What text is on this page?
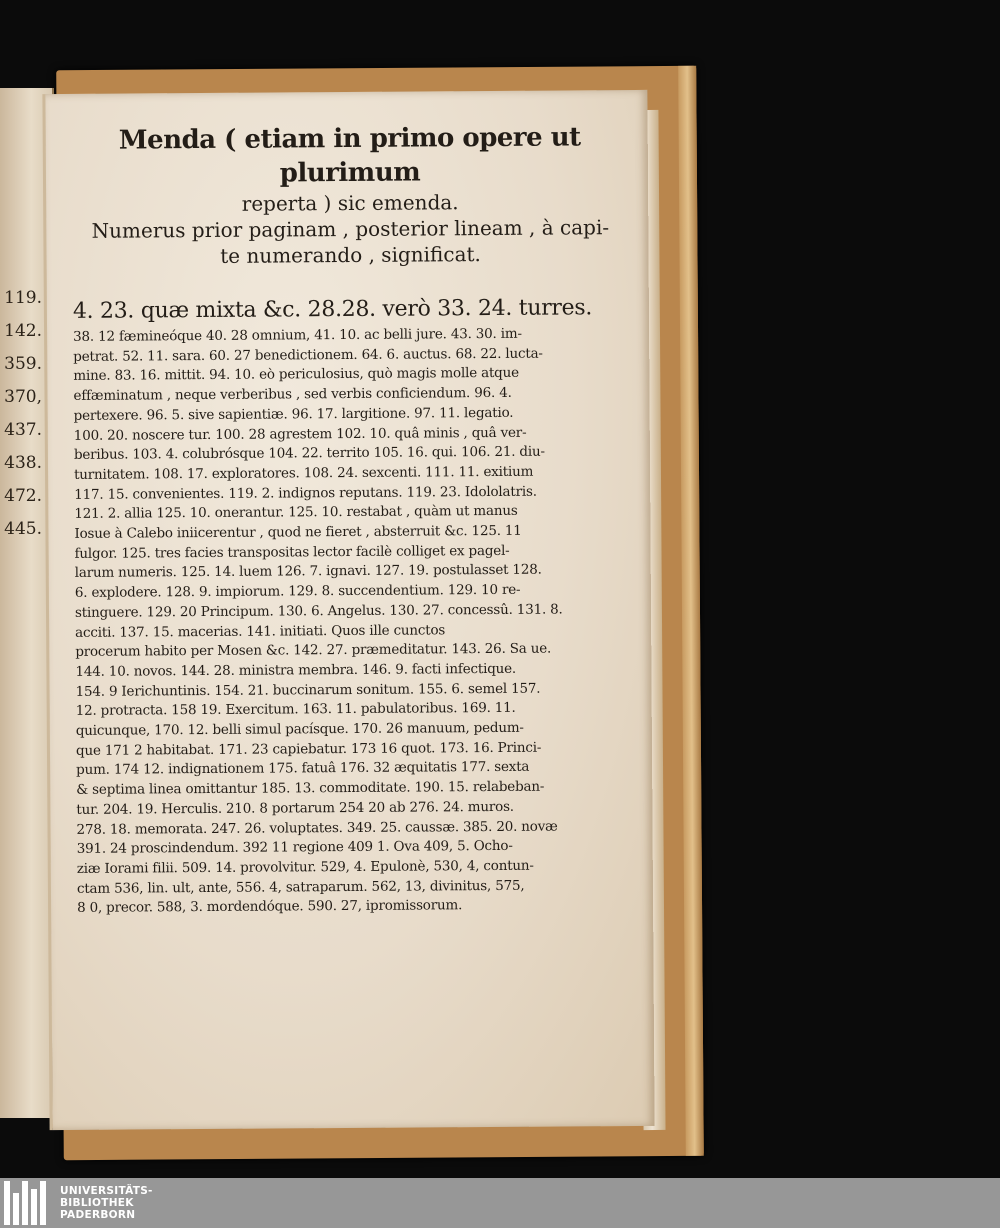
119.
142.
359.
370,
437.
438.
472.
445.

Menda ( etiam in primo opere ut plurimum

reperta ) sic emenda.

Numerus prior paginam , posterior lineam , à capi-

te numerando , significat.

4. 23. quæ mixta &c. 28.28. verò 33. 24. turres.
38. 12 fæmineóque 40. 28 omnium, 41. 10. ac belli jure. 43. 30. im-
petrat. 52. 11. sara. 60. 27 benedictionem. 64. 6. auctus. 68. 22. lucta-
mine. 83. 16. mittit. 94. 10. eò periculosius, quò magis molle atque
effæminatum , neque verberibus , sed verbis conficiendum. 96. 4.
pertexere. 96. 5. sive sapientiæ. 96. 17. largitione. 97. 11. legatio.
100. 20. noscere tur. 100. 28 agrestem 102. 10. quâ minis , quâ ver-
beribus. 103. 4. colubrósque 104. 22. territo 105. 16. qui. 106. 21. diu-
turnitatem. 108. 17. exploratores. 108. 24. sexcenti. 111. 11. exitium
117. 15. convenientes. 119. 2. indignos reputans. 119. 23. Idololatris.
121. 2. allia 125. 10. onerantur. 125. 10. restabat , quàm ut manus
Iosue à Calebo iniicerentur , quod ne fieret , absterruit &c. 125. 11
fulgor. 125. tres facies transpositas lector facilè colliget ex pagel-
larum numeris. 125. 14. luem 126. 7. ignavi. 127. 19. postulasset 128.
6. explodere. 128. 9. impiorum. 129. 8. succendentium. 129. 10 re-
stinguere. 129. 20 Principum. 130. 6. Angelus. 130. 27. concessû. 131. 8.
acciti. 137. 15. macerias. 141. initiati. Quos ille cunctos
procerum habito per Mosen &c. 142. 27. præmeditatur. 143. 26. Sa ue.
144. 10. novos. 144. 28. ministra membra. 146. 9. facti infectique.
154. 9 Ierichuntinis. 154. 21. buccinarum sonitum. 155. 6. semel 157.
12. protracta. 158 19. Exercitum. 163. 11. pabulatoribus. 169. 11.
quicunque, 170. 12. belli simul pacísque. 170. 26 manuum, pedum-
que 171 2 habitabat. 171. 23 capiebatur. 173 16 quot. 173. 16. Princi-
pum. 174 12. indignationem 175. fatuâ 176. 32 æquitatis 177. sexta
& septima linea omittantur 185. 13. commoditate. 190. 15. relabeban-
tur. 204. 19. Herculis. 210. 8 portarum 254 20 ab 276. 24. muros.
278. 18. memorata. 247. 26. voluptates. 349. 25. caussæ. 385. 20. novæ
391. 24 proscindendum. 392 11 regione 409 1. Ova 409, 5. Ocho-
ziæ Iorami filii. 509. 14. provolvitur. 529, 4. Epulonè, 530, 4, contun-
ctam 536, lin. ult, ante, 556. 4, satraparum. 562, 13, divinitus, 575,
8 0, precor. 588, 3. mordendóque. 590. 27, ipromissorum.
UNIVERSITÄTS-
BIBLIOTHEK
PADERBORN
